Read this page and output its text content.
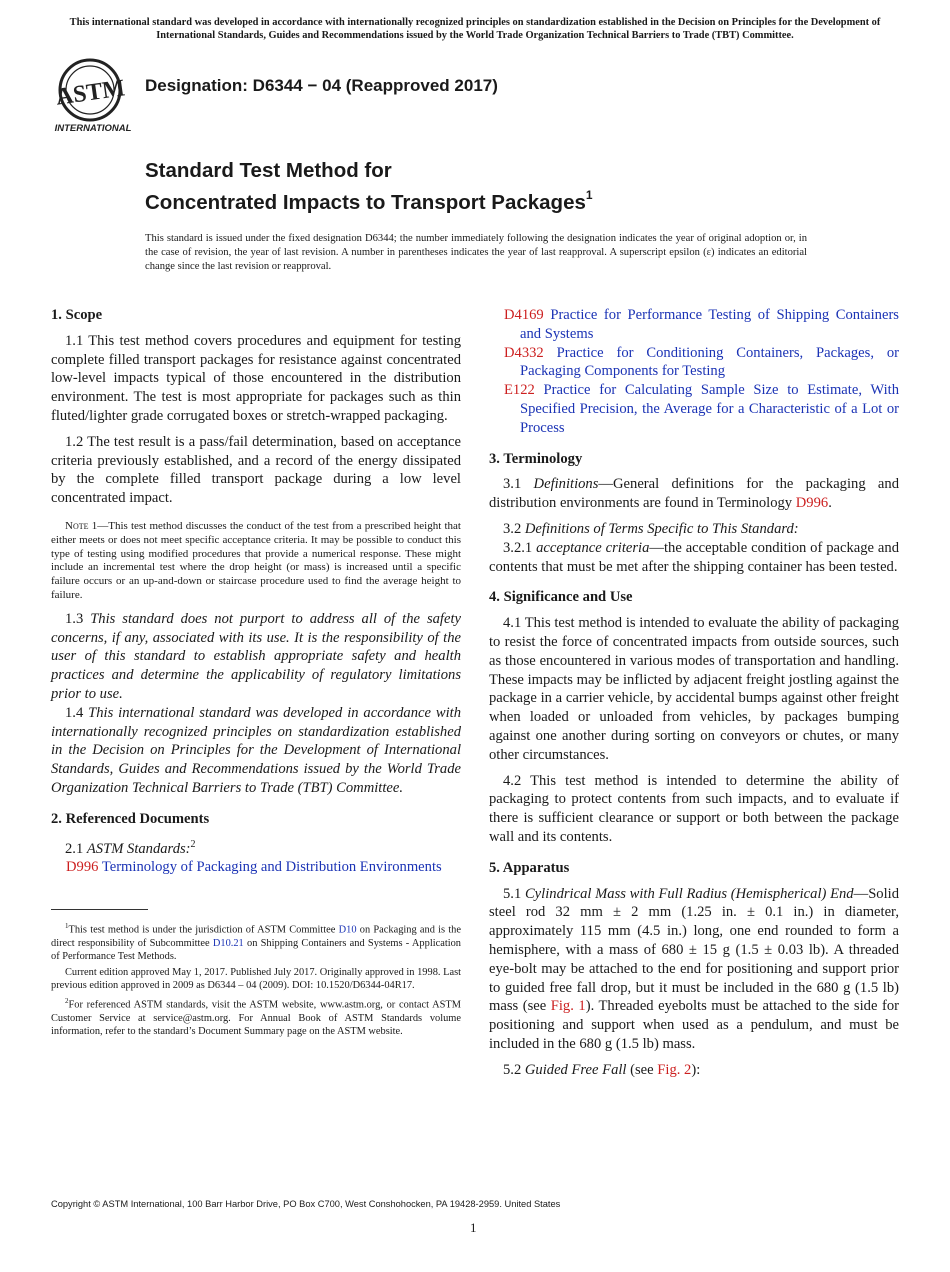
This international standard was developed in accordance with internationally recognized principles on standardization established in the Decision on Principles for the Development of International Standards, Guides and Recommendations issued by the World Trade Organization Technical Barriers to Trade (TBT) Committee.
ASTM
INTERNATIONAL
Designation: D6344 − 04 (Reapproved 2017)
Standard Test Method for
Concentrated Impacts to Transport Packages$^1$
This standard is issued under the fixed designation D6344; the number immediately following the designation indicates the year of original adoption or, in the case of revision, the year of last revision. A number in parentheses indicates the year of last reapproval. A superscript epsilon (ε) indicates an editorial change since the last revision or reapproval.
1. Scope

1.1 This test method covers procedures and equipment for testing complete filled transport packages for resistance against concentrated low-level impacts typical of those encountered in the distribution environment. The test is most appropriate for packages such as thin fluted/lighter grade corrugated boxes or stretch-wrapped packaging.

1.2 The test result is a pass/fail determination, based on acceptance criteria previously established, and a record of the energy dissipated by the complete filled transport package during a low level concentrated impact.

Note 1—This test method discusses the conduct of the test from a prescribed height that either meets or does not meet specific acceptance criteria. It may be possible to conduct this type of testing using modified procedures that provide a numerical response. These might include an incremental test where the drop height (or mass) is increased until a specific failure occurs or an up-and-down or staircase procedure used to find the average height to failure.

1.3 This standard does not purport to address all of the safety concerns, if any, associated with its use. It is the responsibility of the user of this standard to establish appropriate safety and health practices and determine the applicability of regulatory limitations prior to use.

1.4 This international standard was developed in accordance with internationally recognized principles on standardization established in the Decision on Principles for the Development of International Standards, Guides and Recommendations issued by the World Trade Organization Technical Barriers to Trade (TBT) Committee.

2. Referenced Documents

2.1 ASTM Standards:$^2$

D996 Terminology of Packaging and Distribution Environments

$^1$This test method is under the jurisdiction of ASTM Committee D10 on Packaging and is the direct responsibility of Subcommittee D10.21 on Shipping Containers and Systems - Application of Performance Test Methods.

Current edition approved May 1, 2017. Published July 2017. Originally approved in 1998. Last previous edition approved in 2009 as D6344 – 04 (2009). DOI: 10.1520/D6344-04R17.

$^2$For referenced ASTM standards, visit the ASTM website, www.astm.org, or contact ASTM Customer Service at service@astm.org. For Annual Book of ASTM Standards volume information, refer to the standard’s Document Summary page on the ASTM website.

D4169 Practice for Performance Testing of Shipping Containers and Systems

D4332 Practice for Conditioning Containers, Packages, or Packaging Components for Testing

E122 Practice for Calculating Sample Size to Estimate, With Specified Precision, the Average for a Characteristic of a Lot or Process

3. Terminology

3.1 Definitions—General definitions for the packaging and distribution environments are found in Terminology D996.

3.2 Definitions of Terms Specific to This Standard:

3.2.1 acceptance criteria—the acceptable condition of package and contents that must be met after the shipping container has been tested.

4. Significance and Use

4.1 This test method is intended to evaluate the ability of packaging to resist the force of concentrated impacts from outside sources, such as those encountered in various modes of transportation and handling. These impacts may be inflicted by adjacent freight jostling against the package in a carrier vehicle, by accidental bumps against other freight when loaded or unloaded from vehicles, by packages bumping against one another during sorting on conveyors or chutes, or many other circumstances.

4.2 This test method is intended to determine the ability of packaging to protect contents from such impacts, and to evaluate if there is sufficient clearance or support or both between the package wall and its contents.

5. Apparatus

5.1 Cylindrical Mass with Full Radius (Hemispherical) End—Solid steel rod 32 mm ± 2 mm (1.25 in. ± 0.1 in.) in diameter, approximately 115 mm (4.5 in.) long, one end rounded to form a hemisphere, with a mass of 680 ± 15 g (1.5 ± 0.03 lb). A threaded eye-bolt may be attached to the end for positioning and support prior to guided free fall drop, but it must be included in the 680 g (1.5 lb) mass (see Fig. 1). Threaded eyebolts must be attached to the side for positioning and support when used as a pendulum, and must be included in the 680 g (1.5 lb) mass.

5.2 Guided Free Fall (see Fig. 2):

Copyright © ASTM International, 100 Barr Harbor Drive, PO Box C700, West Conshohocken, PA 19428-2959. United States
1
